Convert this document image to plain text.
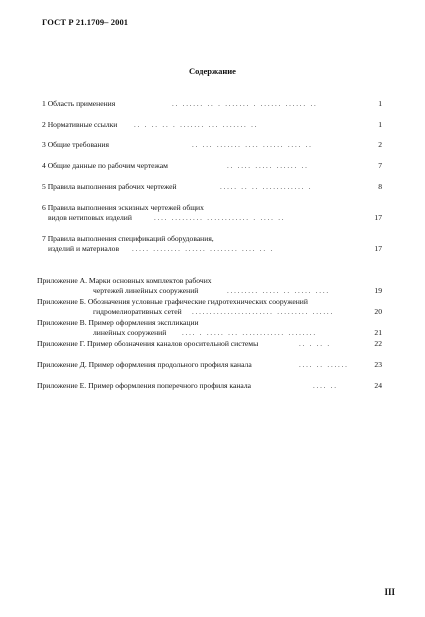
ГОСТ Р 21.1709– 2001
Содержание
1 Область применения	.. ...... .. . ....... . ...... ...... ..	1
2 Нормативные ссылки	.. . .. .. . ....... ... ....... ..	1
3 Общие требования	.. ... ....... .... ...... .... ..	2
4 Общие данные по рабочим чертежам	.. .... ..... ...... ..	7
5 Правила выполнения рабочих чертежей	..... .. .. ............ .	8
6 Правила выполнения эскизных чертежей общих
видов нетиповых изделий	.... ......... ............ . .... ..	17
7 Правила выполнения спецификаций оборудования,
изделий и материалов	..... ........ ...... ........ .... .. .	17
Приложение А. Марки основных комплектов рабочих
чертежей линейных сооружений	......... ..... .. ..... ....	19
Приложение Б. Обозначения условные графические гидротехнических сооружений
гидромелиоративных сетей	....................... ......... ......	20
Приложение В. Пример оформления экспликации
линейных сооружений	.... . ..... ... ............ ........	21
Приложение Г. Пример обозначения каналов оросительной системы	.. . .. .	22
Приложение Д. Пример оформления продольного профиля канала	.... .. ......	23
Приложение Е. Пример оформления поперечного профиля канала	.... ..	24
III
